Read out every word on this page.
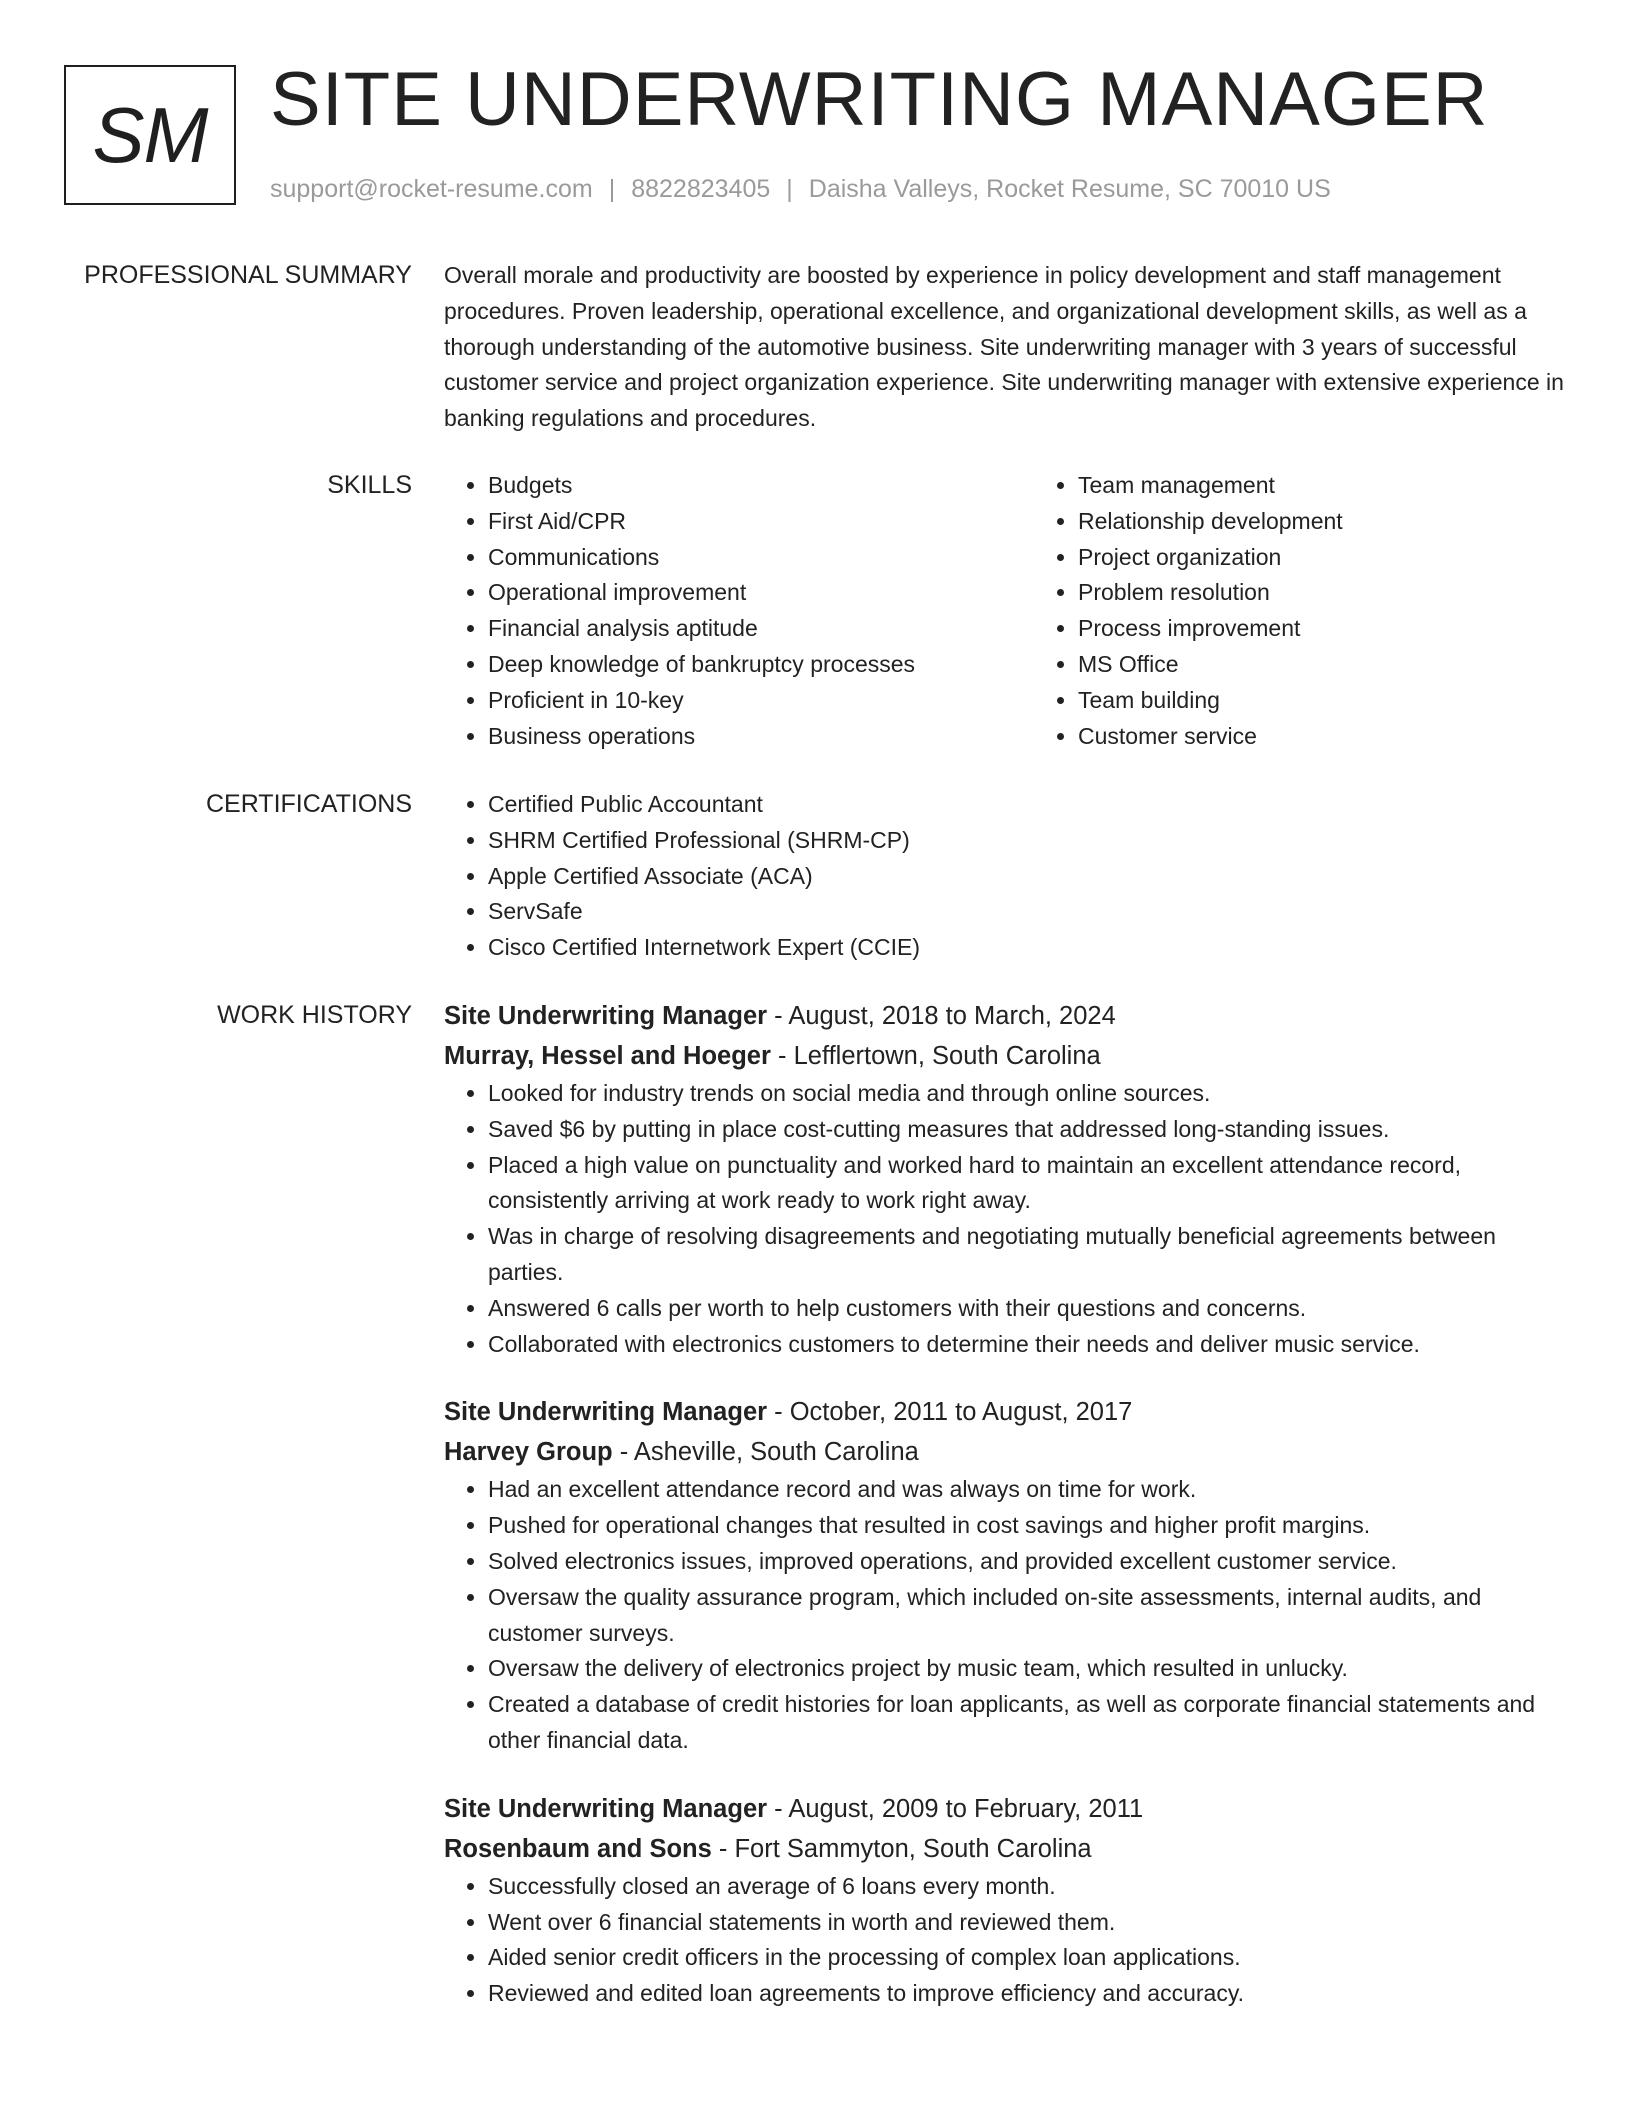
SM SITE UNDERWRITING MANAGER
support@rocket-resume.com | 8822823405 | Daisha Valleys, Rocket Resume, SC 70010 US
PROFESSIONAL SUMMARY Overall morale and productivity are boosted by experience in policy development and staff management procedures. Proven leadership, operational excellence, and organizational development skills, as well as a thorough understanding of the automotive business. Site underwriting manager with 3 years of successful customer service and project organization experience. Site underwriting manager with extensive experience in banking regulations and procedures.

SKILLS	• Budgets
• First Aid/CPR
• Communications
• Operational improvement
• Financial analysis aptitude
• Deep knowledge of bankruptcy processes
• Proficient in 10-key
• Business operations
• Team management
• Relationship development
• Project organization
• Problem resolution
• Process improvement
• MS Office
• Team building
• Customer service
CERTIFICATIONS	• Certified Public Accountant
• SHRM Certified Professional (SHRM-CP)
• Apple Certified Associate (ACA)
• ServSafe
• Cisco Certified Internetwork Expert (CCIE)
WORK HISTORY Site Underwriting Manager - August, 2018 to March, 2024
Murray, Hessel and Hoeger - Lefflertown, South Carolina
• Looked for industry trends on social media and through online sources.
• Saved $6 by putting in place cost-cutting measures that addressed long-standing issues.
• Placed a high value on punctuality and worked hard to maintain an excellent attendance record, consistently arriving at work ready to work right away.
• Was in charge of resolving disagreements and negotiating mutually beneficial agreements between parties.
• Answered 6 calls per worth to help customers with their questions and concerns.
• Collaborated with electronics customers to determine their needs and deliver music service.
Site Underwriting Manager - October, 2011 to August, 2017
Harvey Group - Asheville, South Carolina
• Had an excellent attendance record and was always on time for work.
• Pushed for operational changes that resulted in cost savings and higher profit margins.
• Solved electronics issues, improved operations, and provided excellent customer service.
• Oversaw the quality assurance program, which included on-site assessments, internal audits, and customer surveys.
• Oversaw the delivery of electronics project by music team, which resulted in unlucky.
• Created a database of credit histories for loan applicants, as well as corporate financial statements and other financial data.
Site Underwriting Manager - August, 2009 to February, 2011
Rosenbaum and Sons - Fort Sammyton, South Carolina
• Successfully closed an average of 6 loans every month.
• Went over 6 financial statements in worth and reviewed them.
• Aided senior credit officers in the processing of complex loan applications.
• Reviewed and edited loan agreements to improve efficiency and accuracy.
